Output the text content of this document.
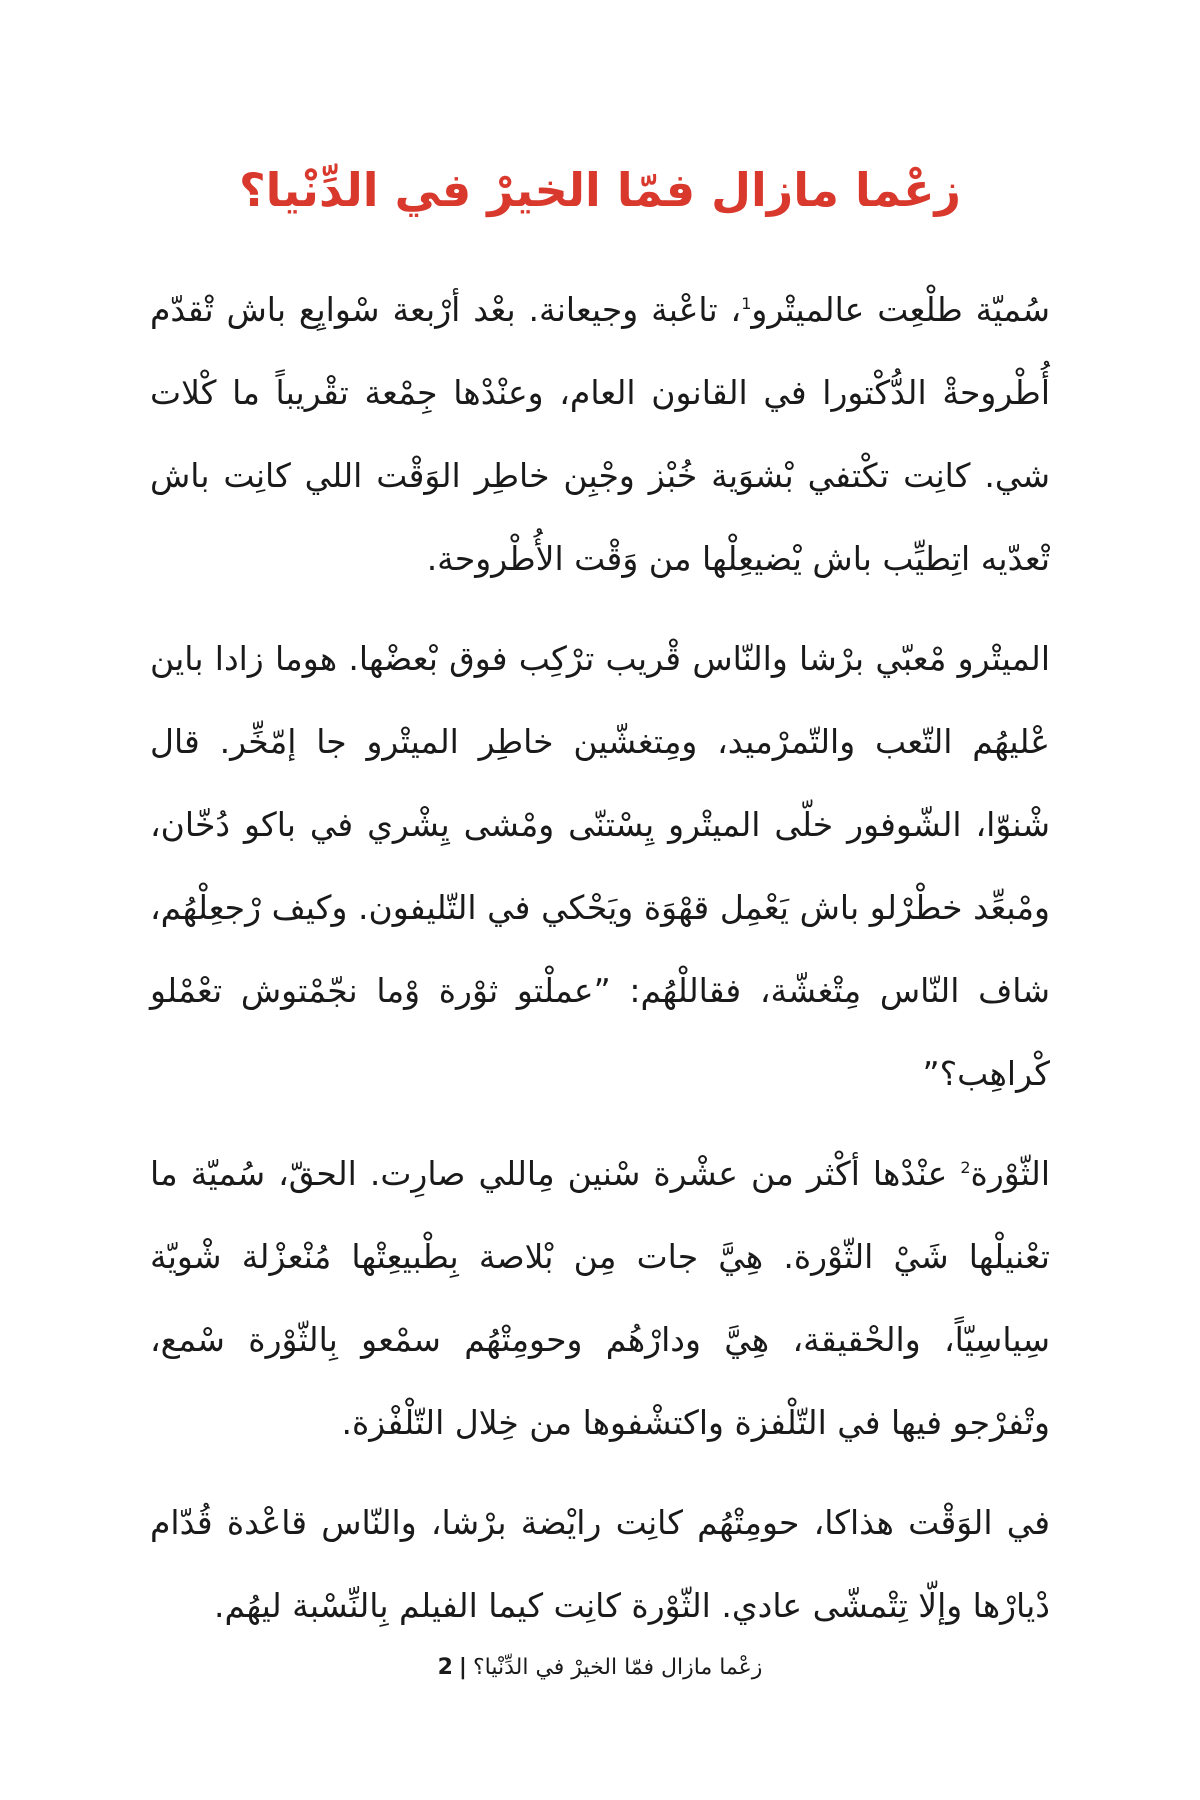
زعْما مازال فمّا الخيرْ في الدِّنْيا؟

سُميّة طلْعِت عالميتْرو$^1$، تاعْبة وجيعانة. بعْد أرْبعة سْوايِع باش تْقدّم أُطْروحةْ الدُّكْتورا في القانون العام، وعنْدْها جِمْعة تقْريباً ما كْلات شي. كانِت تكْتفي بْشوَية خُبْز وجْبِن خاطِر الوَقْت اللي كانِت باش تْعدّيه اتِطيِّب باش يْضيعِلْها من وَقْت الأُطْروحة.

الميتْرو مْعبّي برْشا والنّاس قْريب ترْكِب فوق بْعضْها. هوما زادا باين عْليهُم التّعب والتّمرْميد، ومِتغشّين خاطِر الميتْرو جا إمّخِّر. قال شْنوّا، الشّوفور خلّى الميتْرو يِسْتنّى ومْشى يِشْري في باكو دُخّان، ومْبعِّد خطْرْلو باش يَعْمِل قهْوَة ويَحْكي في التّليفون. وكيف رْجعِلْهُم، شاف النّاس مِتْغشّة، فقاللْهُم: ”عملْتو ثوْرة وْما نجّمْتوش تعْمْلو كْراهِب؟”

الثّوْرة$^2$ عنْدْها أكْثر من عشْرة سْنين مِاللي صارِت. الحقّ، سُميّة ما تعْنيلْها شَيْ الثّوْرة. هِيَّ جات مِن بْلاصة بِطْبيعِتْها مُنْعزْلة شْويّة سِياسِيّاً، والحْقيقة، هِيَّ ودارْهُم وحومِتْهُم سمْعو بِالثّوْرة سْمع، وتْفرْجو فيها في التّلْفزة واكتشْفوها من خِلال التّلْفْزة.

في الوَقْت هذاكا، حومِتْهُم كانِت رايْضة برْشا، والنّاس قاعْدة قُدّام دْيارْها وإلّا تِتْمشّى عادي. الثّوْرة كانِت كيما الفيلم بِالنِّسْبة ليهُم.

زعْما مازال فمّا الخيرْ في الدِّنْيا؟|2
